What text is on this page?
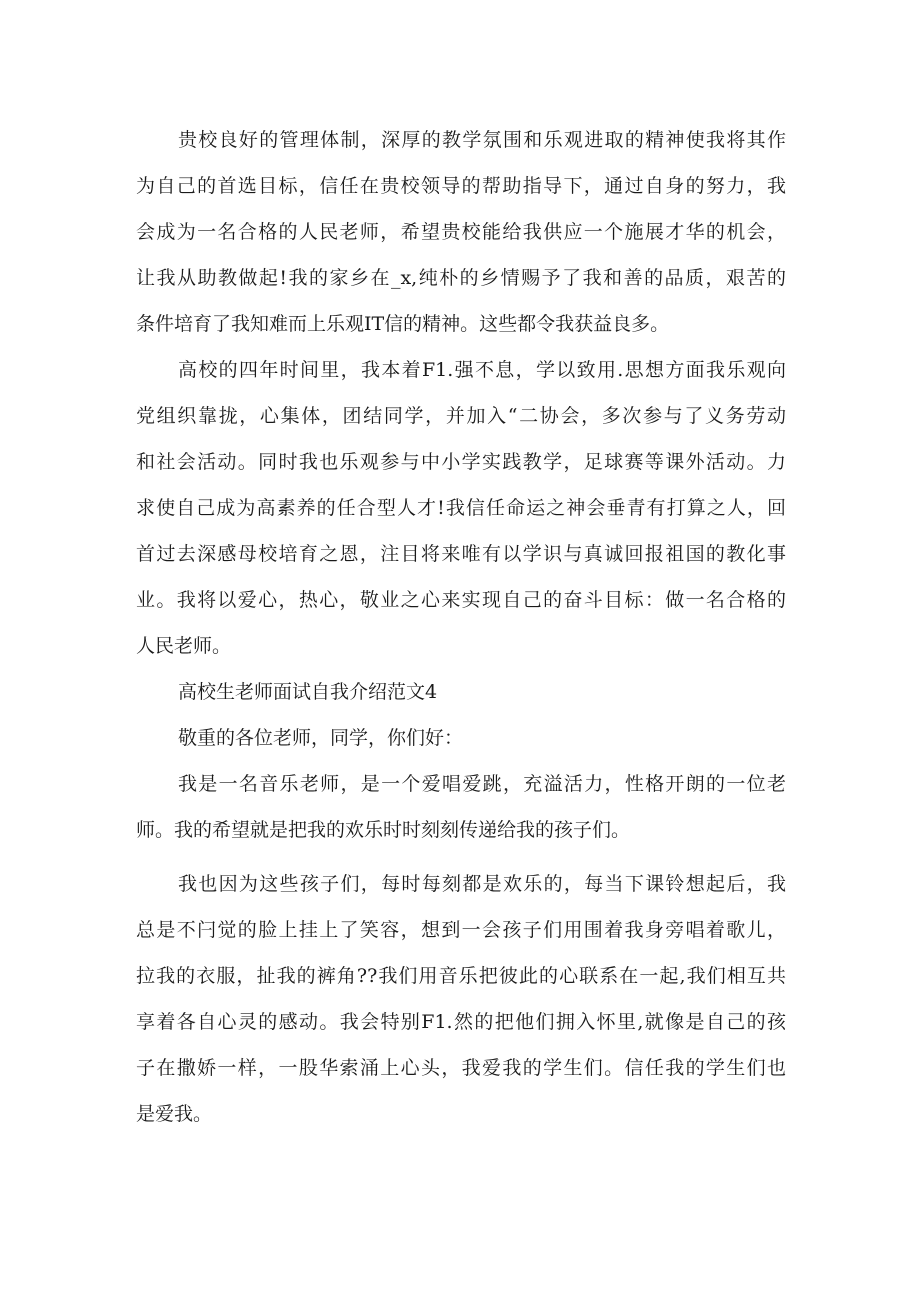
贵校良好的管理体制，深厚的教学氛围和乐观进取的精神使我将其作
为自己的首选目标，信任在贵校领导的帮助指导下，通过自身的努力，我
会成为一名合格的人民老师，希望贵校能给我供应一个施展才华的机会，
让我从助教做起!我的家乡在_x,纯朴的乡情赐予了我和善的品质，艰苦的
条件培育了我知难而上乐观IT信的精神。这些都令我获益良多。
高校的四年时间里，我本着F1.强不息，学以致用.思想方面我乐观向
党组织靠拢，心集体，团结同学，并加入“二协会，多次参与了义务劳动
和社会活动。同时我也乐观参与中小学实践教学，足球赛等课外活动。力
求使自己成为高素养的任合型人才!我信任命运之神会垂青有打算之人，回
首过去深感母校培育之恩，注目将来唯有以学识与真诚回报祖国的教化事
业。我将以爱心，热心，敬业之心来实现自己的奋斗目标：做一名合格的
人民老师。
高校生老师面试自我介绍范文4
敬重的各位老师，同学，你们好：
我是一名音乐老师，是一个爱唱爱跳，充溢活力，性格开朗的一位老
师。我的希望就是把我的欢乐时时刻刻传递给我的孩子们。
我也因为这些孩子们，每时每刻都是欢乐的，每当下课铃想起后，我
总是不闩觉的脸上挂上了笑容，想到一会孩子们用围着我身旁唱着歌儿，
拉我的衣服，扯我的裤角??我们用音乐把彼此的心联系在一起,我们相互共
享着各自心灵的感动。我会特别F1.然的把他们拥入怀里,就像是自己的孩
子在撒娇一样，一股华索涌上心头，我爱我的学生们。信任我的学生们也
是爱我。
